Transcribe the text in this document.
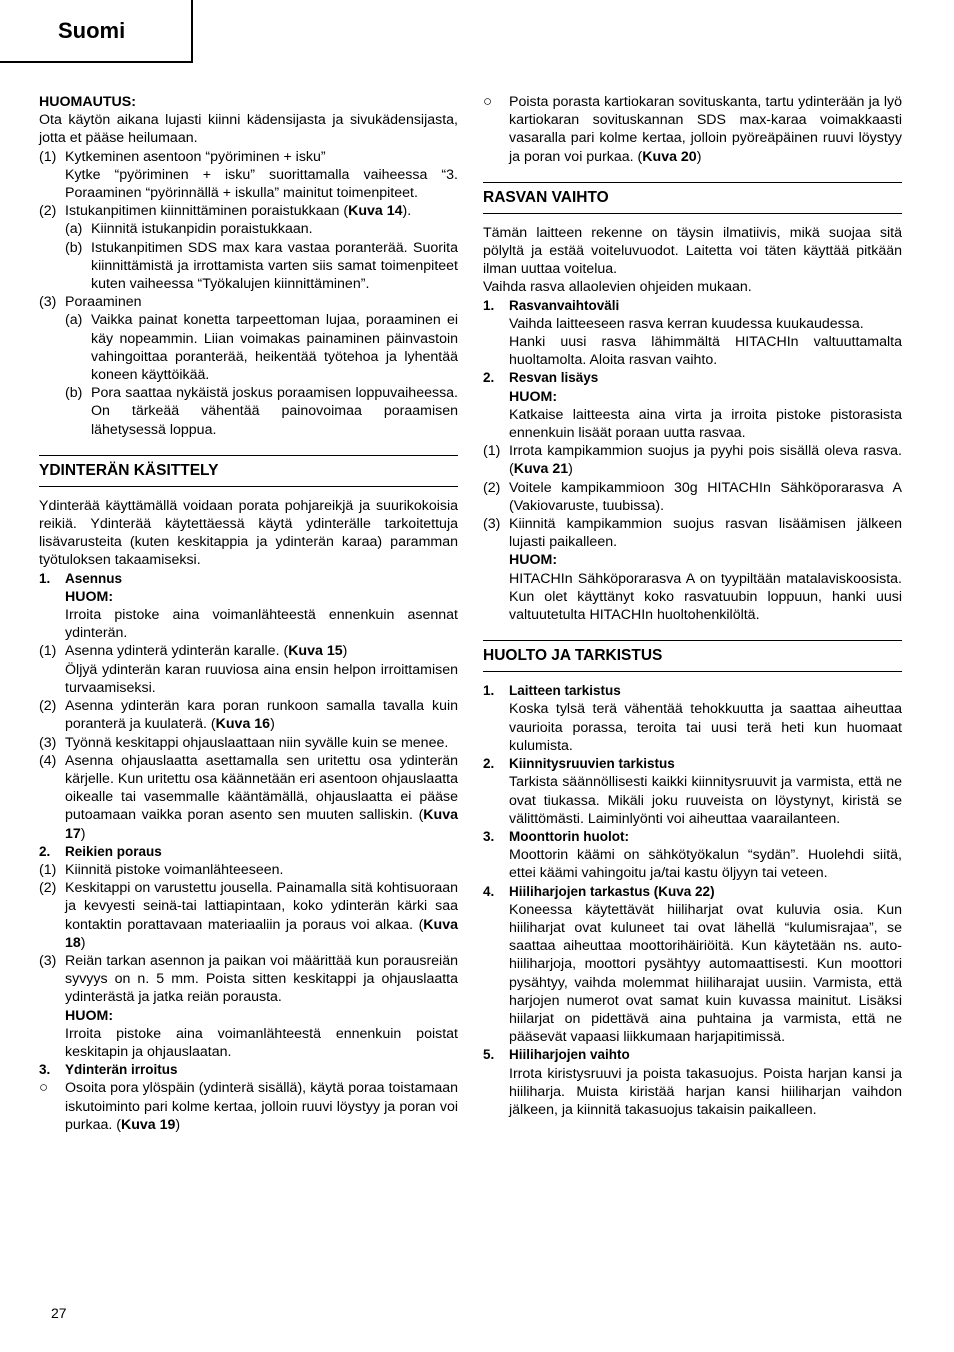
Suomi
HUOMAUTUS:
Ota käytön aikana lujasti kiinni kädensijasta ja sivukädensijasta, jotta et pääse heilumaan.
(1) Kytkeminen asentoon “pyöriminen + isku”
Kytke “pyöriminen + isku” suorittamalla vaiheessa “3. Poraaminen “pyörinnällä + iskulla” mainitut toimenpiteet.
(2) Istukanpitimen kiinnittäminen poraistukkaan (Kuva 14).
(a) Kiinnitä istukanpidin poraistukkaan.
(b) Istukanpitimen SDS max kara vastaa poranterää. Suorita kiinnittämistä ja irrottamista varten siis samat toimenpiteet kuten vaiheessa “Työkalujen kiinnittäminen”.
(3) Poraaminen
(a) Vaikka painat konetta tarpeettoman lujaa, poraaminen ei käy nopeammin. Liian voimakas painaminen päinvastoin vahingoittaa poranterää, heikentää työtehoa ja lyhentää koneen käyttöikää.
(b) Pora saattaa nykäistä joskus poraamisen loppuvaiheessa. On tärkeää vähentää painovoimaa poraamisen lähetysessä loppua.
YDINTERÄN KÄSITTELY
Ydinterää käyttämällä voidaan porata pohjareikjä ja suurikokoisia reikiä. Ydinterää käytettäessä käytä ydinterälle tarkoitettuja lisävarusteita (kuten keskitappia ja ydinterän karaa) paramman työtuloksen takaamiseksi.
1.	Asennus
HUOM:
Irroita pistoke aina voimanlähteestä ennenkuin asennat ydinterän.
(1) Asenna ydinterä ydinterän karalle. (Kuva 15)
Öljyä ydinterän karan ruuviosa aina ensin helpon irroittamisen turvaamiseksi.
(2) Asenna ydinterän kara poran runkoon samalla tavalla kuin poranterä ja kuulaterä. (Kuva 16)
(3) Työnnä keskitappi ohjauslaattaan niin syvälle kuin se menee.
(4) Asenna ohjauslaatta asettamalla sen uritettu osa ydinterän kärjelle. Kun uritettu osa käännetään eri asentoon ohjauslaatta oikealle tai vasemmalle kääntämällä, ohjauslaatta ei pääse putoamaan vaikka poran asento sen muuten salliskin. (Kuva 17)
2.	Reikien poraus
(1) Kiinnitä pistoke voimanlähteeseen.
(2) Keskitappi on varustettu jousella. Painamalla sitä kohtisuoraan ja kevyesti seinä-tai lattiapintaan, koko ydinterän kärki saa kontaktin porattavaan materiaaliin ja poraus voi alkaa. (Kuva 18)
(3) Reiän tarkan asennon ja paikan voi määrittää kun porausreiän syvyys on n. 5 mm. Poista sitten keskitappi ja ohjauslaatta ydinterästä ja jatka reiän porausta.
HUOM:
Irroita pistoke aina voimanlähteestä ennenkuin poistat keskitapin ja ohjauslaatan.
3.	Ydinterän irroitus
○	Osoita pora ylöspäin (ydinterä sisällä), käytä poraa toistamaan iskutoiminto pari kolme kertaa, jolloin ruuvi löystyy ja poran voi purkaa. (Kuva 19)
○	Poista porasta kartiokaran sovituskanta, tartu ydinterään ja lyö kartiokaran sovituskannan SDS max-karaa voimakkaasti vasaralla pari kolme kertaa, jolloin pyöreäpäinen ruuvi löystyy ja poran voi purkaa. (Kuva 20)
RASVAN VAIHTO
Tämän laitteen rekenne on täysin ilmatiivis, mikä suojaa sitä pölyltä ja estää voiteluvuodot. Laitetta voi täten käyttää pitkään ilman uuttaa voitelua.
Vaihda rasva allaolevien ohjeiden mukaan.
1.	Rasvanvaihtoväli
Vaihda laitteeseen rasva kerran kuudessa kuukaudessa.
Hanki uusi rasva lähimmältä HITACHIn valtuuttamalta huoltamolta. Aloita rasvan vaihto.
2.	Resvan lisäys
HUOM:
Katkaise laitteesta aina virta ja irroita pistoke pistorasista ennenkuin lisäät poraan uutta rasvaa.
(1) Irrota kampikammion suojus ja pyyhi pois sisällä oleva rasva. (Kuva 21)
(2) Voitele kampikammioon 30g HITACHIn Sähköporarasva A (Vakiovaruste, tuubissa).
(3) Kiinnitä kampikammion suojus rasvan lisäämisen jälkeen lujasti paikalleen.
HUOM:
HITACHIn Sähköporarasva A on tyypiltään matalaviskoosista. Kun olet käyttänyt koko rasvatuubin loppuun, hanki uusi valtuutetulta HITACHIn huoltohenkilöltä.
HUOLTO JA TARKISTUS
1.	Laitteen tarkistus
Koska tylsä terä vähentää tehokkuutta ja saattaa aiheuttaa vaurioita porassa, teroita tai uusi terä heti kun huomaat kulumista.
2.	Kiinnitysruuvien tarkistus
Tarkista säännöllisesti kaikki kiinnitysruuvit ja varmista, että ne ovat tiukassa. Mikäli joku ruuveista on löystynyt, kiristä se välittömästi. Laiminlyönti voi aiheuttaa vaarailanteen.
3.	Moonttorin huolot:
Moottorin käämi on sähkötyökalun “sydän”. Huolehdi siitä, ettei käämi vahingoitu ja/tai kastu öljyyn tai veteen.
4.	Hiiliharjojen tarkastus (Kuva 22)
Koneessa käytettävät hiiliharjat ovat kuluvia osia. Kun hiiliharjat ovat kuluneet tai ovat lähellä “kulumisrajaa”, se saattaa aiheuttaa moottorihäiriöitä. Kun käytetään ns. auto-hiiliharjoja, moottori pysähtyy automaattisesti. Kun moottori pysähtyy, vaihda molemmat hiiliharajat uusiin. Varmista, että harjojen numerot ovat samat kuin kuvassa mainitut. Lisäksi hiilarjat on pidettävä aina puhtaina ja varmista, että ne pääsevät vapaasi liikkumaan harjapitimissä.
5.	Hiiliharjojen vaihto
Irrota kiristysruuvi ja poista takasuojus. Poista harjan kansi ja hiiliharja. Muista kiristää harjan kansi hiiliharjan vaihdon jälkeen, ja kiinnitä takasuojus takaisin paikalleen.
27
